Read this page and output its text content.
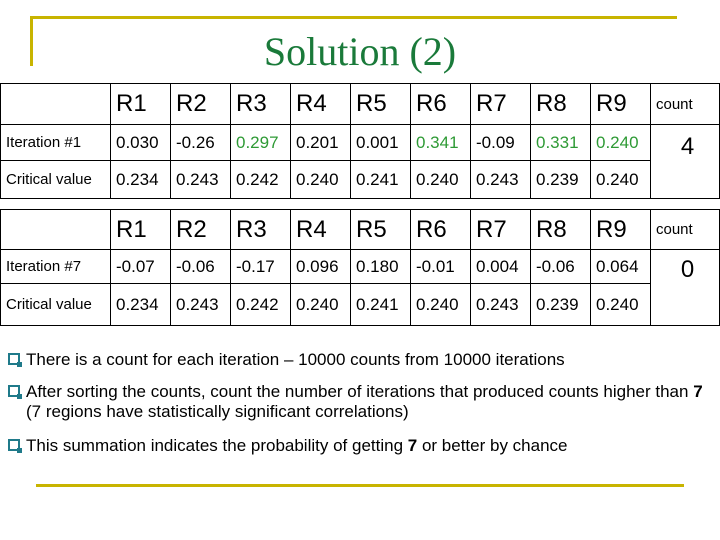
Solution (2)
	R1	R2	R3	R4	R5	R6	R7	R8	R9	count
Iteration #1	0.030	-0.26	0.297	0.201	0.001	0.341	-0.09	0.331	0.240	4
Critical value	0.234	0.243	0.242	0.240	0.241	0.240	0.243	0.239	0.240	
	R1	R2	R3	R4	R5	R6	R7	R8	R9	count
Iteration #7	-0.07	-0.06	-0.17	0.096	0.180	-0.01	0.004	-0.06	0.064	0
Critical value	0.234	0.243	0.242	0.240	0.241	0.240	0.243	0.239	0.240	
There is a count for each iteration – 10000 counts from 10000 iterations
After sorting the counts, count the number of iterations that produced counts higher than 7 (7 regions have statistically significant correlations)
This summation indicates the probability of getting 7 or better by chance
